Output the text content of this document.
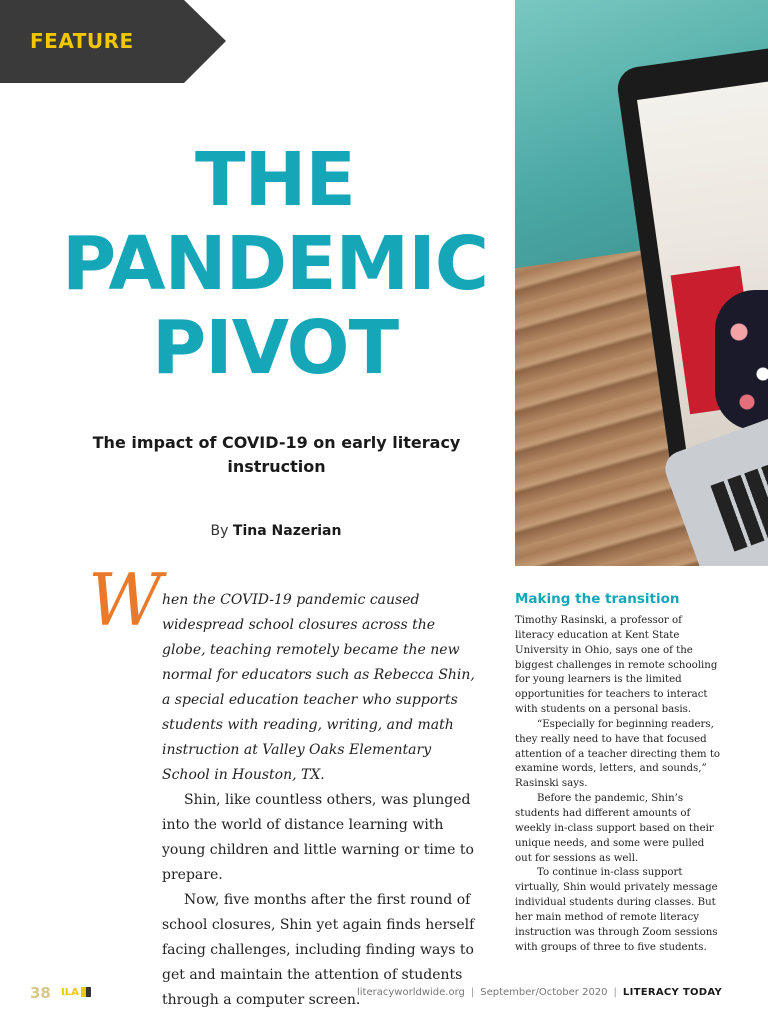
FEATURE
THE
PANDEMIC
PIVOT
The impact of COVID-19 on early literacy instruction
By Tina Nazerian
W hen the COVID-19 pandemic caused widespread school closures across the globe, teaching remotely became the new normal for educators such as Rebecca Shin, a special education teacher who supports students with reading, writing, and math instruction at Valley Oaks Elementary School in Houston, TX.

Shin, like countless others, was plunged into the world of distance learning with young children and little warning or time to prepare.

Now, five months after the first round of school closures, Shin yet again finds herself facing challenges, including finding ways to get and maintain the attention of students through a computer screen.

Making the transition

Timothy Rasinski, a professor of literacy education at Kent State University in Ohio, says one of the biggest challenges in remote schooling for young learners is the limited opportunities for teachers to interact with students on a personal basis.

“Especially for beginning readers, they really need to have that focused attention of a teacher directing them to examine words, letters, and sounds,” Rasinski says.

Before the pandemic, Shin’s students had different amounts of weekly in-class support based on their unique needs, and some were pulled out for sessions as well.

To continue in-class support virtually, Shin would privately message individual students during classes. But her main method of remote literacy instruction was through Zoom sessions with groups of three to five students.

38 ILA	literacyworldwide.org | September/October 2020 | LITERACY TODAY
